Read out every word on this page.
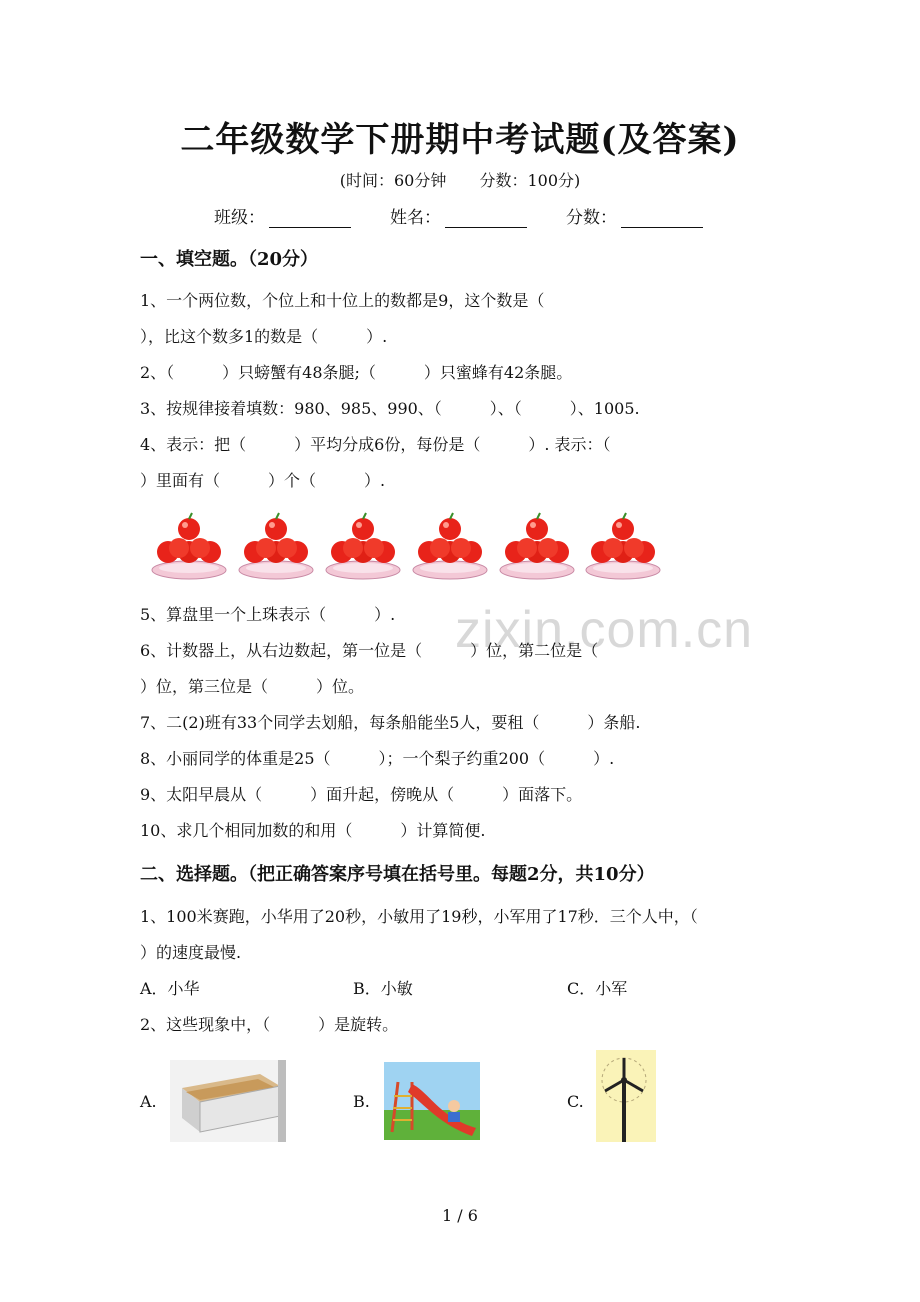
二年级数学下册期中考试题(及答案)
(时间：60分钟 分数：100分)
班级：	姓名：	分数：
一、填空题。（20分）
1、一个两位数，个位上和十位上的数都是9，这个数是（
），比这个数多1的数是（　　　）.
2、（　　　）只螃蟹有48条腿;（　　　）只蜜蜂有42条腿。
3、按规律接着填数：980、985、990、（　　　）、（　　　）、1005.
4、表示：把（　　　）平均分成6份，每份是（　　　）. 表示：（
）里面有（　　　）个（　　　）.
5、算盘里一个上珠表示（　　　）. zixin.com.cn
6、计数器上，从右边数起，第一位是（　　　）位，第二位是（
）位，第三位是（　　　）位。
7、二(2)班有33个同学去划船，每条船能坐5人，要租（　　　）条船.
8、小丽同学的体重是25（　　　）；一个梨子约重200（　　　）.
9、太阳早晨从（　　　）面升起，傍晚从（　　　）面落下。
10、求几个相同加数的和用（　　　）计算简便.
二、选择题。（把正确答案序号填在括号里。每题2分，共10分）
1、100米赛跑，小华用了20秒，小敏用了19秒，小军用了17秒．三个人中，（
）的速度最慢.
A．小华	B．小敏	C．小军
2、这些现象中，（　　　）是旋转。
A.	B.	C.
1 / 6
